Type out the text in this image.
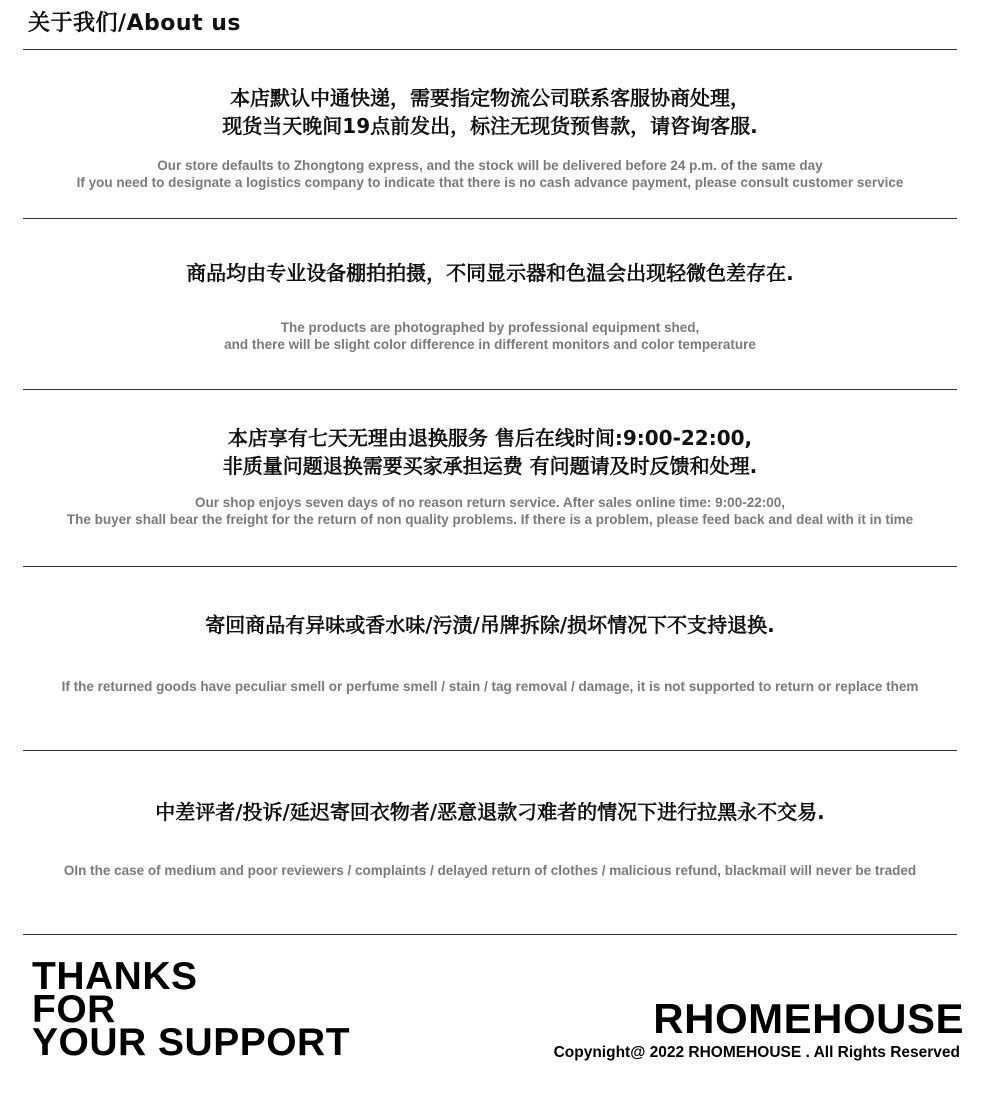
关于我们/About us
本店默认中通快递，需要指定物流公司联系客服协商处理，
现货当天晚间19点前发出，标注无现货预售款，请咨询客服.
Our store defaults to Zhongtong express, and the stock will be delivered before 24 p.m. of the same day
If you need to designate a logistics company to indicate that there is no cash advance payment, please consult customer service
商品均由专业设备棚拍拍摄，不同显示器和色温会出现轻微色差存在.
The products are photographed by professional equipment shed,
and there will be slight color difference in different monitors and color temperature
本店享有七天无理由退换服务 售后在线时间:9:00-22:00,
非质量问题退换需要买家承担运费 有问题请及时反馈和处理.
Our shop enjoys seven days of no reason return service. After sales online time: 9:00-22:00,
The buyer shall bear the freight for the return of non quality problems. If there is a problem, please feed back and deal with it in time
寄回商品有异味或香水味/污渍/吊牌拆除/损坏情况下不支持退换.
If the returned goods have peculiar smell or perfume smell / stain / tag removal / damage, it is not supported to return or replace them
中差评者/投诉/延迟寄回衣物者/恶意退款刁难者的情况下进行拉黑永不交易.
OIn the case of medium and poor reviewers / complaints / delayed return of clothes / malicious refund, blackmail will never be traded
THANKS
FOR
YOUR SUPPORT
RHOMEHOUSE
Copynight@ 2022 RHOMEHOUSE . All Rights Reserved
